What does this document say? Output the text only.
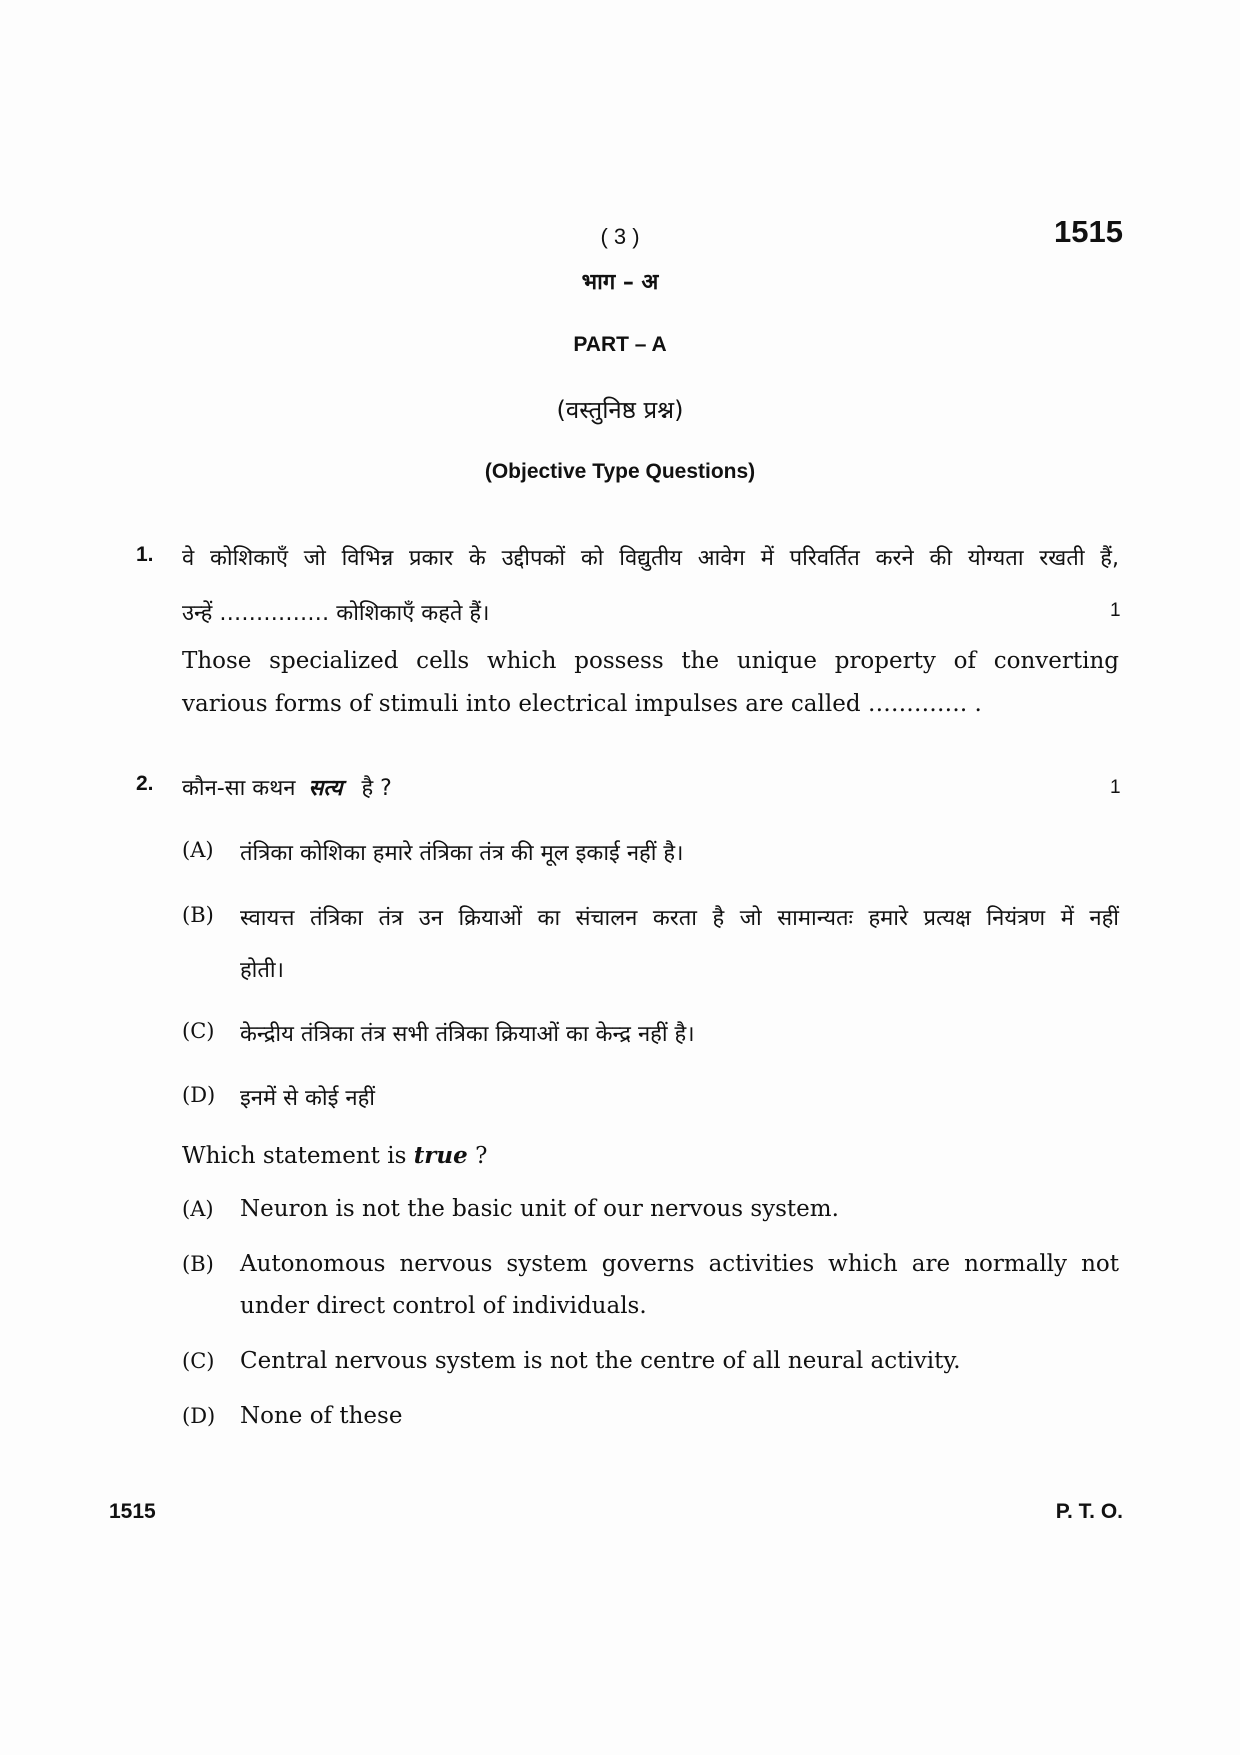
( 3 )	1515
भाग – अ
PART – A
(वस्तुनिष्ठ प्रश्न)
(Objective Type Questions)
1. वे कोशिकाएँ जो विभिन्न प्रकार के उद्दीपकों को विद्युतीय आवेग में परिवर्तित करने की योग्यता रखती हैं,
उन्हें …………… कोशिकाएँ कहते हैं।	1
Those specialized cells which possess the unique property of converting
various forms of stimuli into electrical impulses are called …………. .
2. कौन-सा कथन सत्य है ?	1
(A) तंत्रिका कोशिका हमारे तंत्रिका तंत्र की मूल इकाई नहीं है।
(B) स्वायत्त तंत्रिका तंत्र उन क्रियाओं का संचालन करता है जो सामान्यतः हमारे प्रत्यक्ष नियंत्रण में नहीं
होती।
(C) केन्द्रीय तंत्रिका तंत्र सभी तंत्रिका क्रियाओं का केन्द्र नहीं है।
(D) इनमें से कोई नहीं
Which statement is true ?
(A) Neuron is not the basic unit of our nervous system.
(B) Autonomous nervous system governs activities which are normally not
under direct control of individuals.
(C) Central nervous system is not the centre of all neural activity.
(D) None of these
1515	P. T. O.
